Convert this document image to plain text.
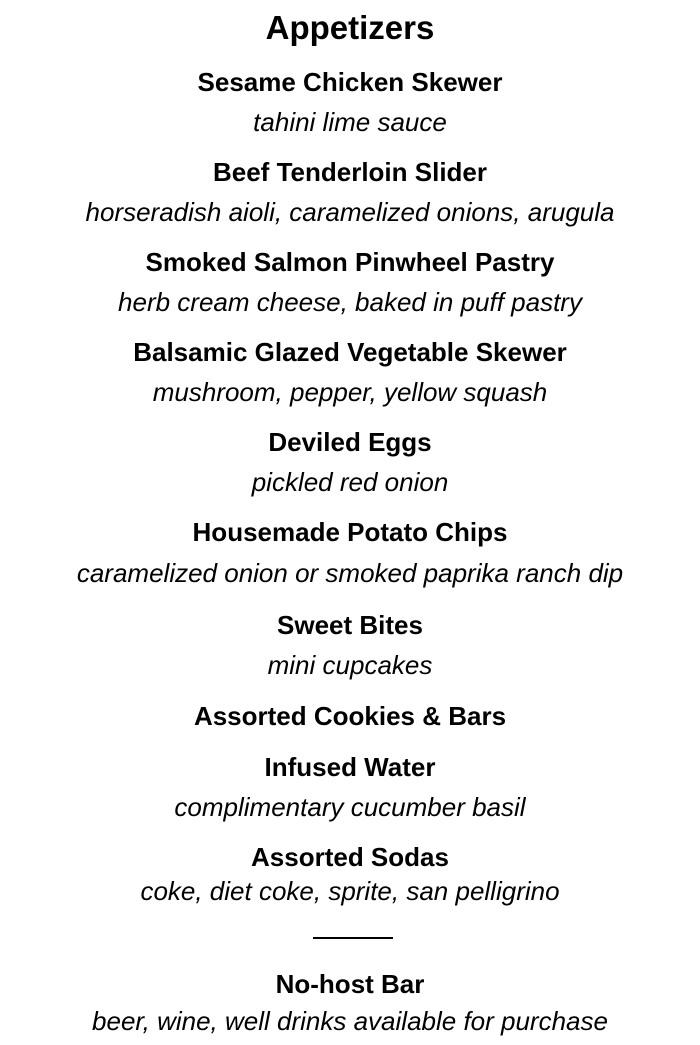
Appetizers
Sesame Chicken Skewer
tahini lime sauce
Beef Tenderloin Slider
horseradish aioli, caramelized onions, arugula
Smoked Salmon Pinwheel Pastry
herb cream cheese, baked in puff pastry
Balsamic Glazed Vegetable Skewer
mushroom, pepper, yellow squash
Deviled Eggs
pickled red onion
Housemade Potato Chips
caramelized onion or smoked paprika ranch dip
Sweet Bites
mini cupcakes
Assorted Cookies & Bars
Infused Water
complimentary cucumber basil
Assorted Sodas
coke, diet coke, sprite, san pelligrino
No-host Bar
beer, wine, well drinks available for purchase
